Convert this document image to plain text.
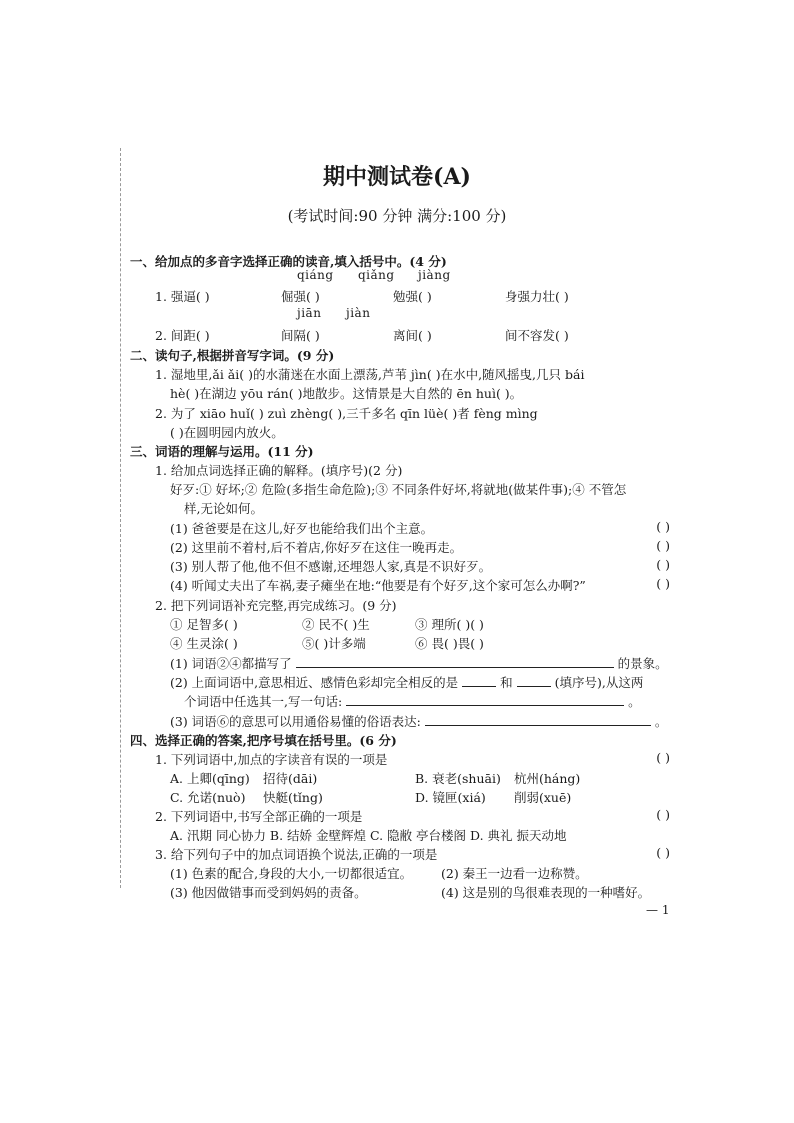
期中测试卷(A)
(考试时间:90 分钟 满分:100 分)
一、给加点的多音字选择正确的读音,填入括号中。(4 分)
qiáng qiǎng jiàng
1. 强逼( )	倔强( )	勉强( )	身强力壮( )
jiān jiàn
2. 间距( )	间隔( )	离间( )	间不容发( )
二、读句子,根据拼音写字词。(9 分)
1. 湿地里,ǎi ǎi( )的水蒲迷在水面上漂荡,芦苇 jìn( )在水中,随风摇曳,几只 bái
hè( )在湖边 yōu rán( )地散步。这情景是大自然的 ēn huì( )。
2. 为了 xiāo huǐ( ) zuì zhèng( ),三千多名 qīn lüè( )者 fèng mìng
( )在圆明园内放火。
三、词语的理解与运用。(11 分)
1. 给加点词选择正确的解释。(填序号)(2 分)
好歹:① 好坏;② 危险(多指生命危险);③ 不同条件好坏,将就地(做某件事);④ 不管怎
样,无论如何。
(1) 爸爸要是在这儿,好歹也能给我们出个主意。	( )
(2) 这里前不着村,后不着店,你好歹在这住一晚再走。	( )
(3) 别人帮了他,他不但不感谢,还埋怨人家,真是不识好歹。	( )
(4) 听闻丈夫出了车祸,妻子瘫坐在地:“他要是有个好歹,这个家可怎么办啊?”	( )
2. 把下列词语补充完整,再完成练习。(9 分)
① 足智多( )	② 民不( )生	③ 理所( )( )
④ 生灵涂( )	⑤( )计多端	⑥ 畏( )畏( )
(1) 词语②④都描写了	的景象。
(2) 上面词语中,意思相近、感情色彩却完全相反的是	和	(填序号),从这两
个词语中任选其一,写一句话:	。
(3) 词语⑥的意思可以用通俗易懂的俗语表达:	。
四、选择正确的答案,把序号填在括号里。(6 分)
1. 下列词语中,加点的字读音有误的一项是	( )
A. 上卿(qīng) 招待(dāi)	B. 衰老(shuāi) 杭州(háng)
C. 允诺(nuò) 快艇(tǐng)	D. 镜匣(xiá) 削弱(xuē)
2. 下列词语中,书写全部正确的一项是	( )
A. 汛期 同心协力 B. 结娇 金壁辉煌 C. 隐敝 亭台楼阁 D. 典礼 振天动地
3. 给下列句子中的加点词语换个说法,正确的一项是	( )
(1) 色素的配合,身段的大小,一切都很适宜。 (2) 秦王一边看一边称赞。
(3) 他因做错事而受到妈妈的责备。	(4) 这是别的鸟很难表现的一种嗜好。
— 1
